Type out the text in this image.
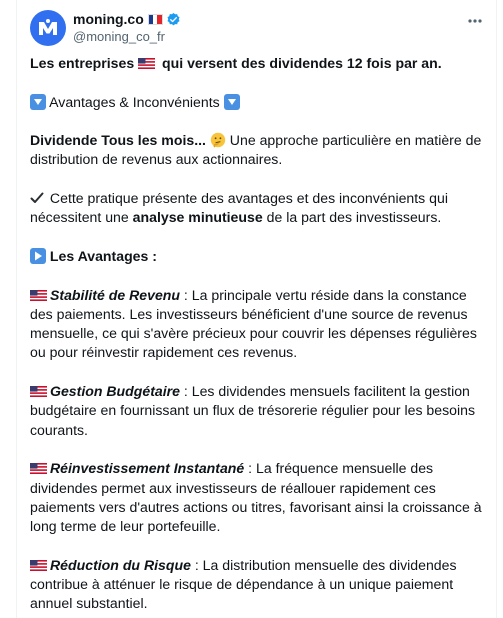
moning.co
@moning_co_fr

Les entreprises qui versent des dividendes 12 fois par an.

Avantages & Inconvénients

Dividende Tous les mois... Une approche particulière en matière de distribution de revenus aux actionnaires.

Cette pratique présente des avantages et des inconvénients qui nécessitent une analyse minutieuse de la part des investisseurs.

Les Avantages :

Stabilité de Revenu : La principale vertu réside dans la constance des paiements. Les investisseurs bénéficient d'une source de revenus mensuelle, ce qui s'avère précieux pour couvrir les dépenses régulières ou pour réinvestir rapidement ces revenus.

Gestion Budgétaire : Les dividendes mensuels facilitent la gestion budgétaire en fournissant un flux de trésorerie régulier pour les besoins courants.

Réinvestissement Instantané : La fréquence mensuelle des dividendes permet aux investisseurs de réallouer rapidement ces paiements vers d'autres actions ou titres, favorisant ainsi la croissance à long terme de leur portefeuille.

Réduction du Risque : La distribution mensuelle des dividendes contribue à atténuer le risque de dépendance à un unique paiement annuel substantiel.
